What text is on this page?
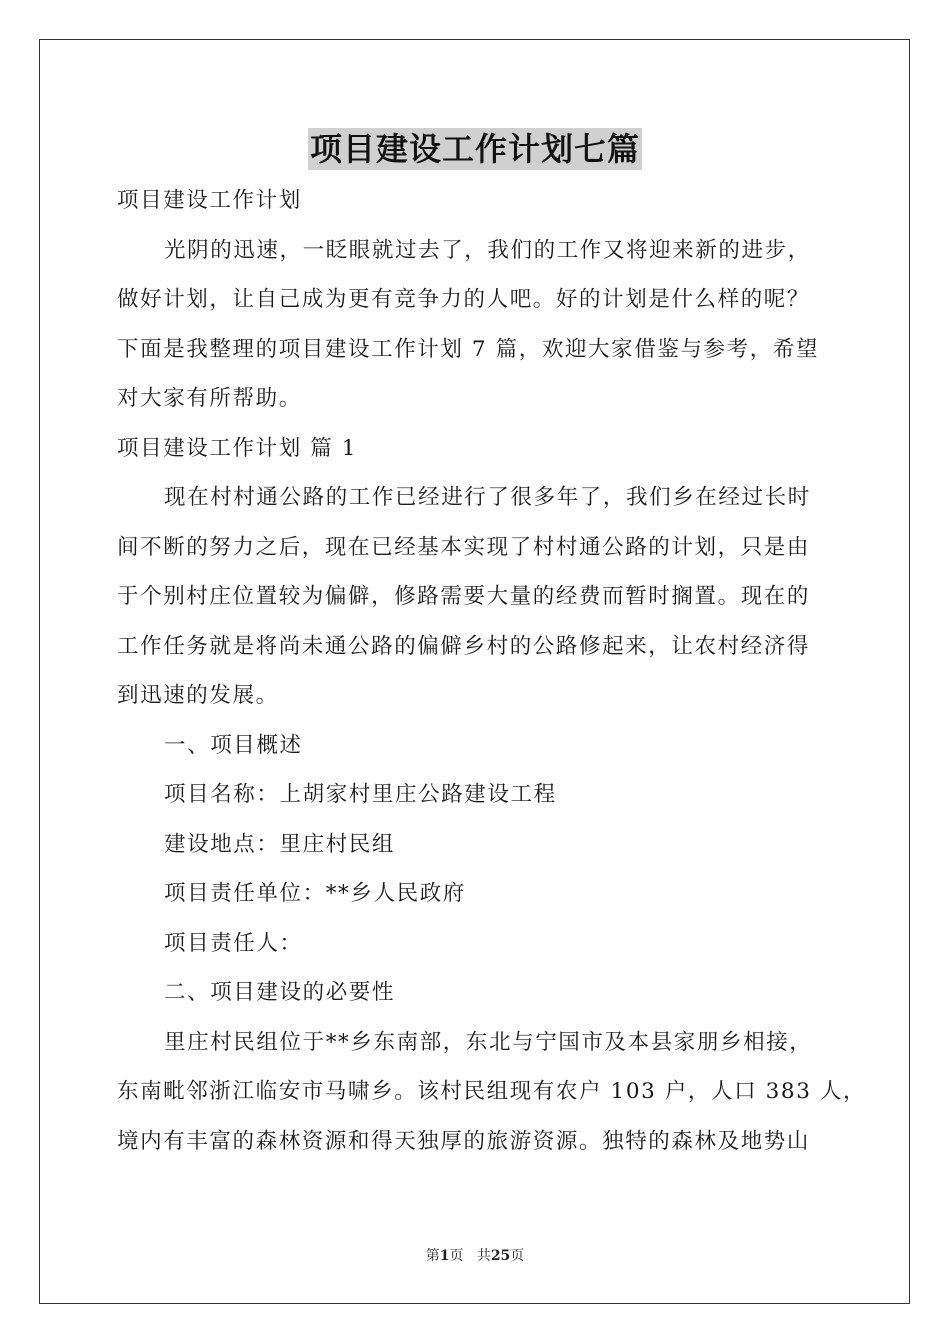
项目建设工作计划七篇
项目建设工作计划
光阴的迅速，一眨眼就过去了，我们的工作又将迎来新的进步，
做好计划，让自己成为更有竞争力的人吧。好的计划是什么样的呢？
下面是我整理的项目建设工作计划 7 篇，欢迎大家借鉴与参考，希望
对大家有所帮助。
项目建设工作计划 篇 1
现在村村通公路的工作已经进行了很多年了，我们乡在经过长时
间不断的努力之后，现在已经基本实现了村村通公路的计划，只是由
于个别村庄位置较为偏僻，修路需要大量的经费而暂时搁置。现在的
工作任务就是将尚未通公路的偏僻乡村的公路修起来，让农村经济得
到迅速的发展。
一、项目概述
项目名称：上胡家村里庄公路建设工程
建设地点：里庄村民组
项目责任单位：**乡人民政府
项目责任人：
二、项目建设的必要性
里庄村民组位于**乡东南部，东北与宁国市及本县家朋乡相接，
东南毗邻浙江临安市马啸乡。该村民组现有农户 103 户，人口 383 人，
境内有丰富的森林资源和得天独厚的旅游资源。独特的森林及地势山
第1页 共25页
